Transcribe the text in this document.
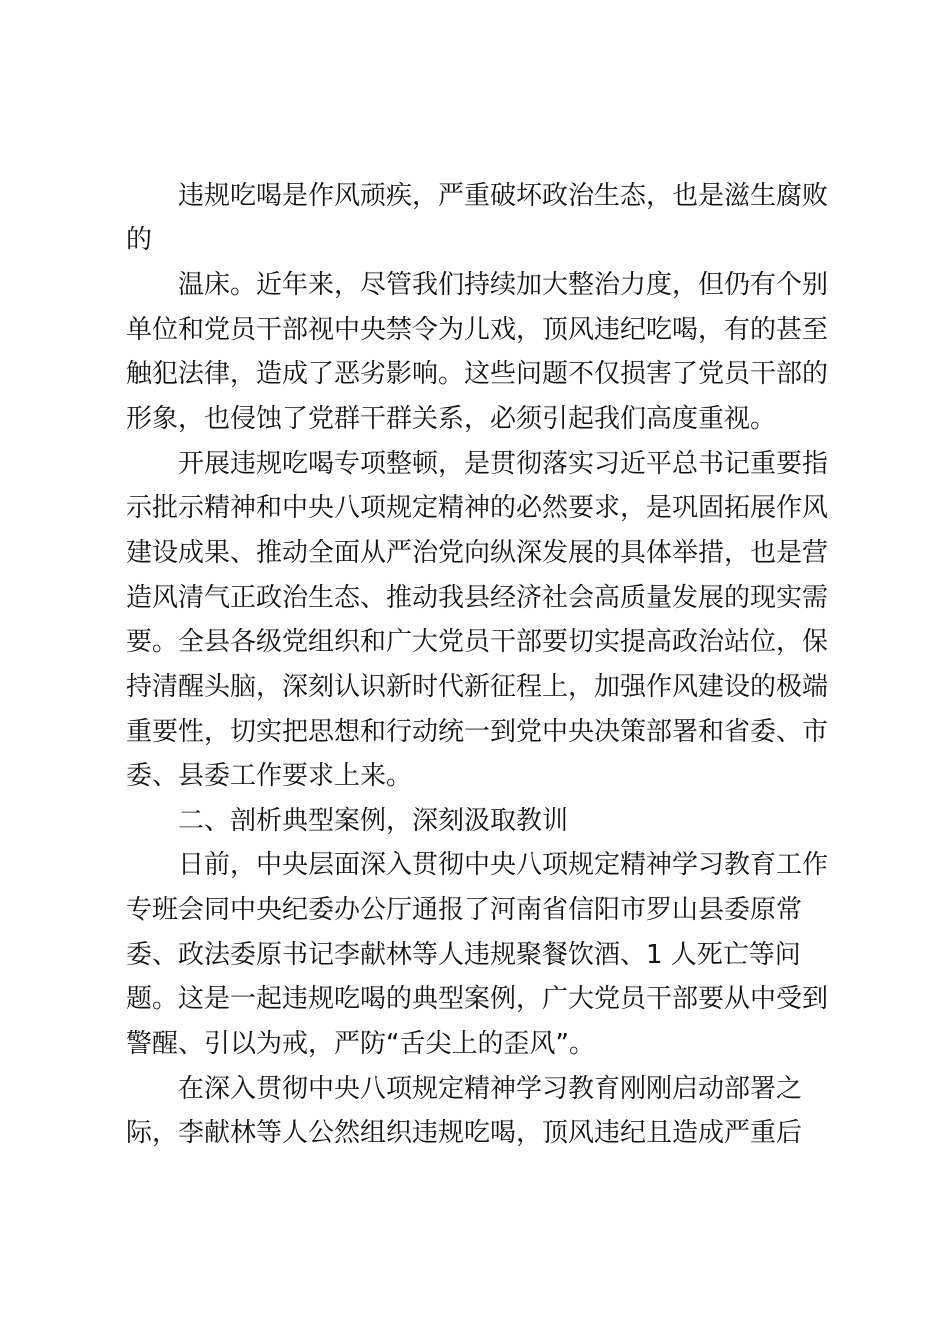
违规吃喝是作风顽疾，严重破坏政治生态，也是滋生腐败

的

温床。近年来，尽管我们持续加大整治力度，但仍有个别

单位和党员干部视中央禁令为儿戏，顶风违纪吃喝，有的甚至

触犯法律，造成了恶劣影响。这些问题不仅损害了党员干部的

形象，也侵蚀了党群干群关系，必须引起我们高度重视。

开展违规吃喝专项整顿，是贯彻落实习近平总书记重要指

示批示精神和中央八项规定精神的必然要求，是巩固拓展作风

建设成果、推动全面从严治党向纵深发展的具体举措，也是营

造风清气正政治生态、推动我县经济社会高质量发展的现实需

要。全县各级党组织和广大党员干部要切实提高政治站位，保

持清醒头脑，深刻认识新时代新征程上，加强作风建设的极端

重要性，切实把思想和行动统一到党中央决策部署和省委、市

委、县委工作要求上来。

二、剖析典型案例，深刻汲取教训

日前，中央层面深入贯彻中央八项规定精神学习教育工作

专班会同中央纪委办公厅通报了河南省信阳市罗山县委原常

委、政法委原书记李献林等人违规聚餐饮酒、1 人死亡等问

题。这是一起违规吃喝的典型案例，广大党员干部要从中受到

警醒、引以为戒，严防“舌尖上的歪风”。

在深入贯彻中央八项规定精神学习教育刚刚启动部署之

际，李献林等人公然组织违规吃喝，顶风违纪且造成严重后
